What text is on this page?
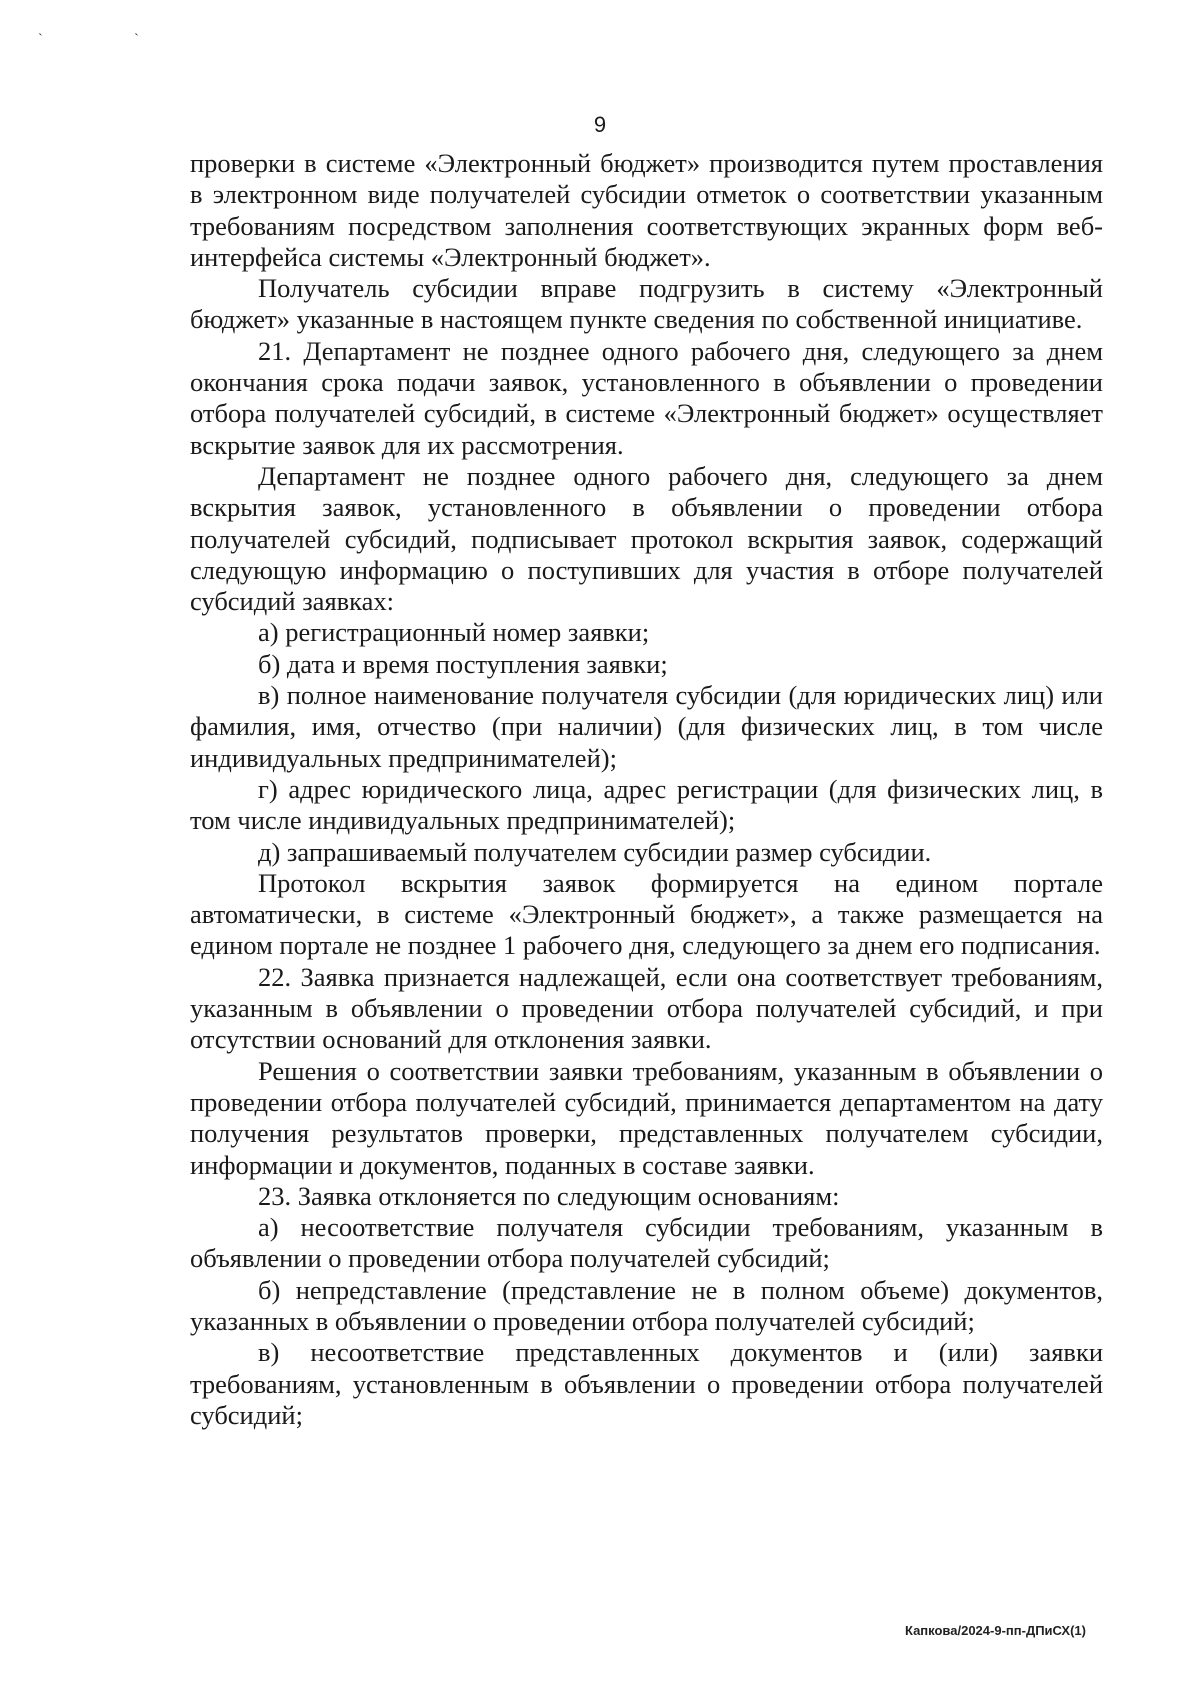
˴ ˴
9

проверки в системе «Электронный бюджет» производится путем проставления в электронном виде получателей субсидии отметок о соответствии указанным требованиям посредством заполнения соответствующих экранных форм веб-интерфейса системы «Электронный бюджет».

Получатель субсидии вправе подгрузить в систему «Электронный бюджет» указанные в настоящем пункте сведения по собственной инициативе.

21. Департамент не позднее одного рабочего дня, следующего за днем окончания срока подачи заявок, установленного в объявлении о проведении отбора получателей субсидий, в системе «Электронный бюджет» осуществляет вскрытие заявок для их рассмотрения.

Департамент не позднее одного рабочего дня, следующего за днем вскрытия заявок, установленного в объявлении о проведении отбора получателей субсидий, подписывает протокол вскрытия заявок, содержащий следующую информацию о поступивших для участия в отборе получателей субсидий заявках:

а) регистрационный номер заявки;

б) дата и время поступления заявки;

в) полное наименование получателя субсидии (для юридических лиц) или фамилия, имя, отчество (при наличии) (для физических лиц, в том числе индивидуальных предпринимателей);

г) адрес юридического лица, адрес регистрации (для физических лиц, в том числе индивидуальных предпринимателей);

д) запрашиваемый получателем субсидии размер субсидии.

Протокол вскрытия заявок формируется на едином портале автоматически, в системе «Электронный бюджет», а также размещается на едином портале не позднее 1 рабочего дня, следующего за днем его подписания.

22. Заявка признается надлежащей, если она соответствует требованиям, указанным в объявлении о проведении отбора получателей субсидий, и при отсутствии оснований для отклонения заявки.

Решения о соответствии заявки требованиям, указанным в объявлении о проведении отбора получателей субсидий, принимается департаментом на дату получения результатов проверки, представленных получателем субсидии, информации и документов, поданных в составе заявки.

23. Заявка отклоняется по следующим основаниям:

а) несоответствие получателя субсидии требованиям, указанным в объявлении о проведении отбора получателей субсидий;

б) непредставление (представление не в полном объеме) документов, указанных в объявлении о проведении отбора получателей субсидий;

в) несоответствие представленных документов и (или) заявки требованиям, установленным в объявлении о проведении отбора получателей субсидий;

Капкова/2024-9-пп-ДПиСХ(1)
